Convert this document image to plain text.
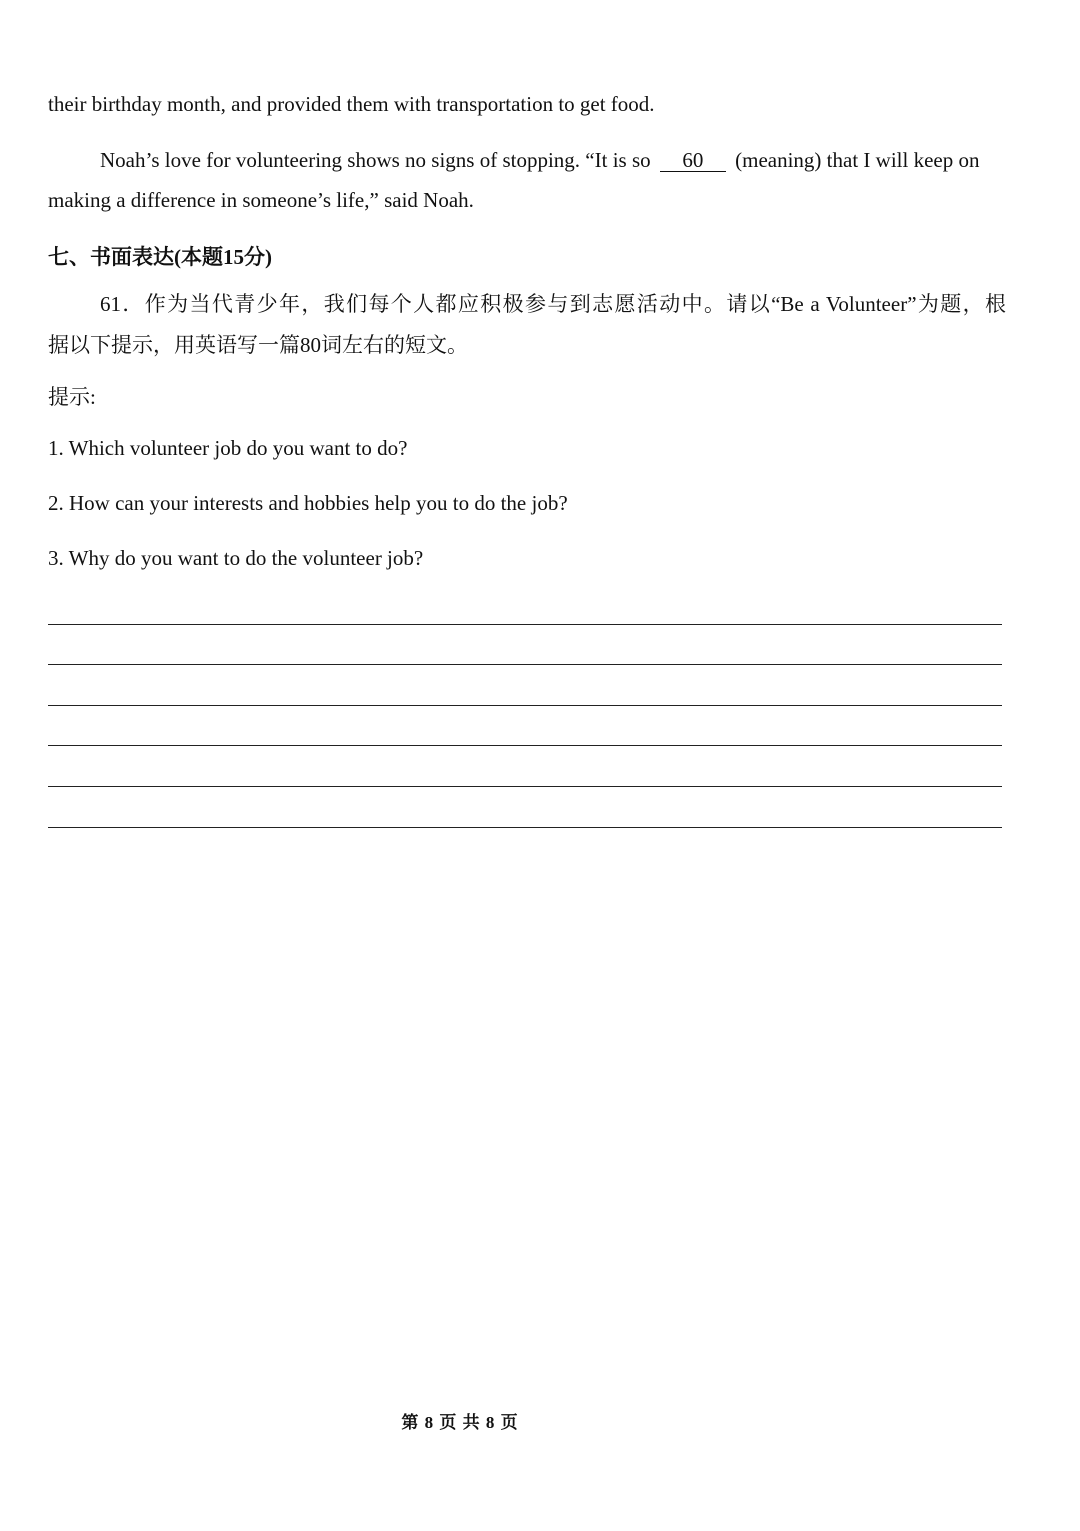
their birthday month, and provided them with transportation to get food.
Noah’s love for volunteering shows no signs of stopping. “It is so 60 (meaning) that I will keep on
making a difference in someone’s life,” said Noah.
七、书面表达(本题15分)
61．作为当代青少年，我们每个人都应积极参与到志愿活动中。请以“Be a Volunteer”为题，根
据以下提示，用英语写一篇80词左右的短文。
提示:
1. Which volunteer job do you want to do?
2. How can your interests and hobbies help you to do the job?
3. Why do you want to do the volunteer job?
第 8 页 共 8 页
